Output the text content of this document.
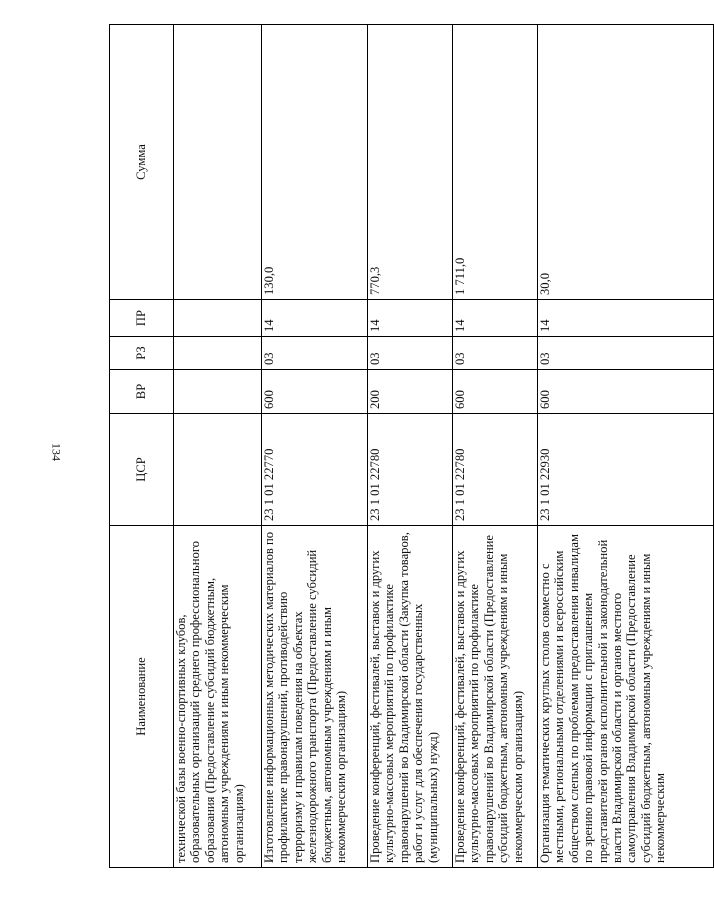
134
Наименование	ЦСР	ВР	РЗ	ПР	Сумма
технической базы военно-спортивных клубов, образовательных организаций среднего профессионального образования (Предоставление субсидий бюджетным, автономным учреждениям и иным некоммерческим организациям)					
Изготовление информационных методических материалов по профилактике правонарушений, противодействию терроризму и правилам поведения на объектах железнодорожного транспорта (Предоставление субсидий бюджетным, автономным учреждениям и иным некоммерческим организациям)	23 1 01 22770	600	03	14	130,0
Проведение конференций, фестивалей, выставок и других культурно-массовых мероприятий по профилактике правонарушений во Владимирской области (Закупка товаров, работ и услуг для обеспечения государственных (муниципальных) нужд)	23 1 01 22780	200	03	14	770,3
Проведение конференций, фестивалей, выставок и других культурно-массовых мероприятий по профилактике правонарушений во Владимирской области (Предоставление субсидий бюджетным, автономным учреждениям и иным некоммерческим организациям)	23 1 01 22780	600	03	14	1 711,0
Организация тематических круглых столов совместно с местными, региональными отделениями и всероссийским обществом слепых по проблемам предоставления инвалидам по зрению правовой информации с приглашением представителей органов исполнительной и законодательной власти Владимирской области и органов местного самоуправления Владимирской области (Предоставление субсидий бюджетным, автономным учреждениям и иным некоммерческим	23 1 01 22930	600	03	14	30,0
